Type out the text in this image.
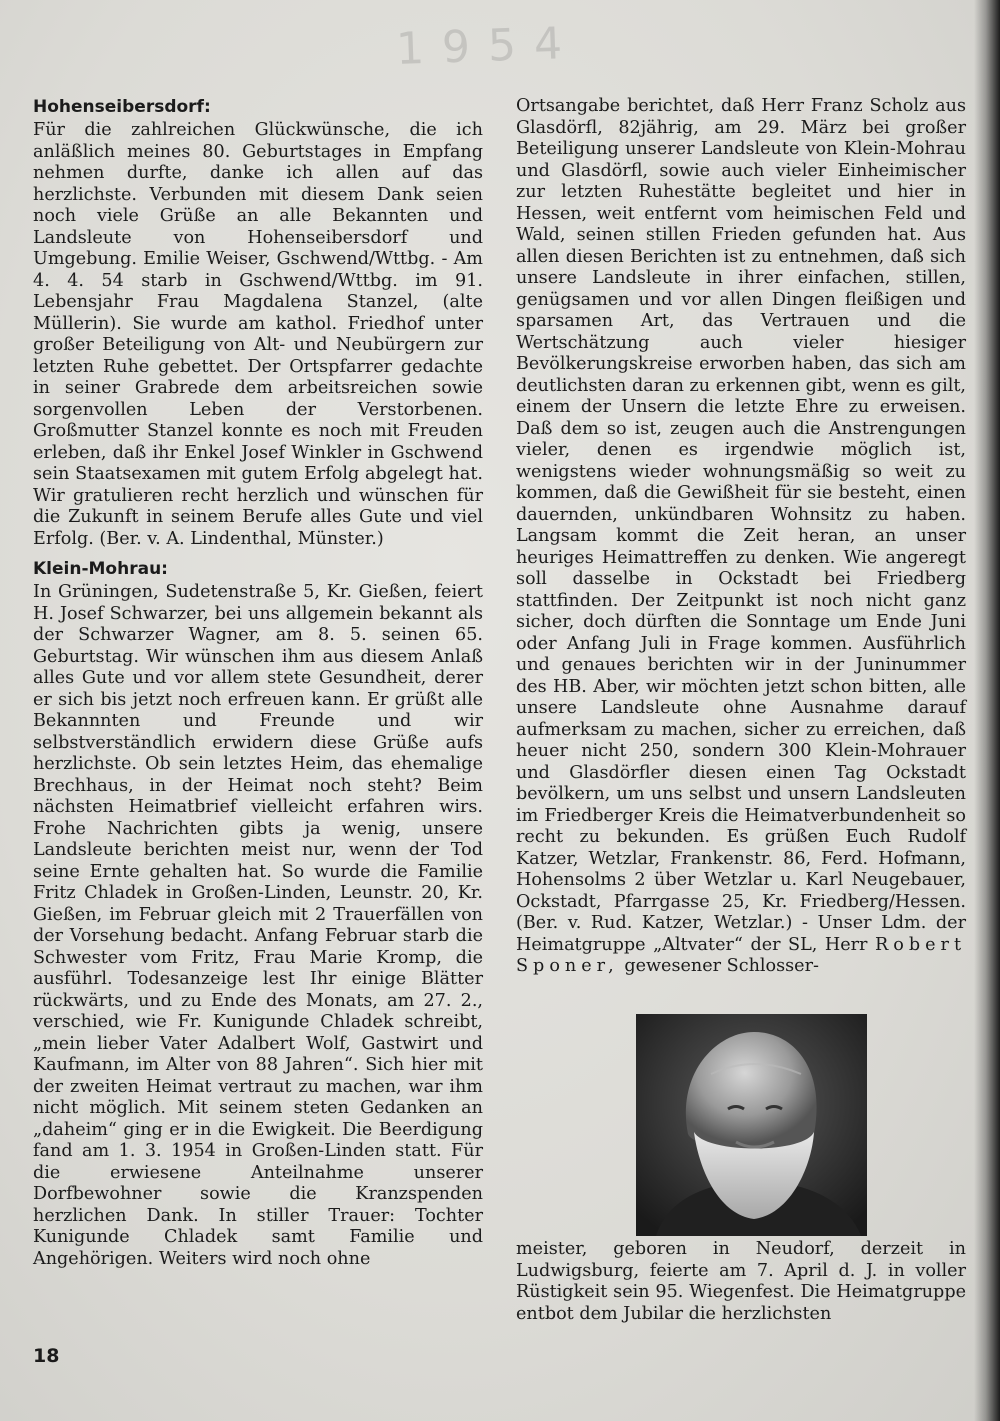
1954
Hohenseibersdorf:

Für die zahlreichen Glückwünsche, die ich anläßlich meines 80. Geburtstages in Empfang nehmen durfte, danke ich allen auf das herzlichste. Verbunden mit diesem Dank seien noch viele Grüße an alle Bekannten und Landsleute von Hohenseibersdorf und Umgebung. Emilie Weiser, Gschwend/Wttbg. - Am 4. 4. 54 starb in Gschwend/Wttbg. im 91. Lebensjahr Frau Magdalena Stanzel, (alte Müllerin). Sie wurde am kathol. Friedhof unter großer Beteiligung von Alt- und Neubürgern zur letzten Ruhe gebettet. Der Ortspfarrer gedachte in seiner Grabrede dem arbeitsreichen sowie sorgenvollen Leben der Verstorbenen. Großmutter Stanzel konnte es noch mit Freuden erleben, daß ihr Enkel Josef Winkler in Gschwend sein Staatsexamen mit gutem Erfolg abgelegt hat. Wir gratulieren recht herzlich und wünschen für die Zukunft in seinem Berufe alles Gute und viel Erfolg. (Ber. v. A. Lindenthal, Münster.)

Klein-Mohrau:

In Grüningen, Sudetenstraße 5, Kr. Gießen, feiert H. Josef Schwarzer, bei uns allgemein bekannt als der Schwarzer Wagner, am 8. 5. seinen 65. Geburtstag. Wir wünschen ihm aus diesem Anlaß alles Gute und vor allem stete Gesundheit, derer er sich bis jetzt noch erfreuen kann. Er grüßt alle Bekannnten und Freunde und wir selbstverständlich erwidern diese Grüße aufs herzlichste. Ob sein letztes Heim, das ehemalige Brechhaus, in der Heimat noch steht? Beim nächsten Heimatbrief vielleicht erfahren wirs. Frohe Nachrichten gibts ja wenig, unsere Landsleute berichten meist nur, wenn der Tod seine Ernte gehalten hat. So wurde die Familie Fritz Chladek in Großen-Linden, Leunstr. 20, Kr. Gießen, im Februar gleich mit 2 Trauerfällen von der Vorsehung bedacht. Anfang Februar starb die Schwester vom Fritz, Frau Marie Kromp, die ausführl. Todesanzeige lest Ihr einige Blätter rückwärts, und zu Ende des Monats, am 27. 2., verschied, wie Fr. Kunigunde Chladek schreibt, „mein lieber Vater Adalbert Wolf, Gastwirt und Kaufmann, im Alter von 88 Jahren“. Sich hier mit der zweiten Heimat vertraut zu machen, war ihm nicht möglich. Mit seinem steten Gedanken an „daheim“ ging er in die Ewigkeit. Die Beerdigung fand am 1. 3. 1954 in Großen-Linden statt. Für die erwiesene Anteilnahme unserer Dorfbewohner sowie die Kranzspenden herzlichen Dank. In stiller Trauer: Tochter Kunigunde Chladek samt Familie und Angehörigen. Weiters wird noch ohne

Ortsangabe berichtet, daß Herr Franz Scholz aus Glasdörfl, 82jährig, am 29. März bei großer Beteiligung unserer Landsleute von Klein-Mohrau und Glasdörfl, sowie auch vieler Einheimischer zur letzten Ruhestätte begleitet und hier in Hessen, weit entfernt vom heimischen Feld und Wald, seinen stillen Frieden gefunden hat. Aus allen diesen Berichten ist zu entnehmen, daß sich unsere Landsleute in ihrer einfachen, stillen, genügsamen und vor allen Dingen fleißigen und sparsamen Art, das Vertrauen und die Wertschätzung auch vieler hiesiger Bevölkerungskreise erworben haben, das sich am deutlichsten daran zu erkennen gibt, wenn es gilt, einem der Unsern die letzte Ehre zu erweisen. Daß dem so ist, zeugen auch die Anstrengungen vieler, denen es irgendwie möglich ist, wenigstens wieder wohnungsmäßig so weit zu kommen, daß die Gewißheit für sie besteht, einen dauernden, unkündbaren Wohnsitz zu haben. Langsam kommt die Zeit heran, an unser heuriges Heimattreffen zu denken. Wie angeregt soll dasselbe in Ockstadt bei Friedberg stattfinden. Der Zeitpunkt ist noch nicht ganz sicher, doch dürften die Sonntage um Ende Juni oder Anfang Juli in Frage kommen. Ausführlich und genaues berichten wir in der Juninummer des HB. Aber, wir möchten jetzt schon bitten, alle unsere Landsleute ohne Ausnahme darauf aufmerksam zu machen, sicher zu erreichen, daß heuer nicht 250, sondern 300 Klein-Mohrauer und Glasdörfler diesen einen Tag Ockstadt bevölkern, um uns selbst und unsern Landsleuten im Friedberger Kreis die Heimatverbundenheit so recht zu bekunden. Es grüßen Euch Rudolf Katzer, Wetzlar, Frankenstr. 86, Ferd. Hofmann, Hohensolms 2 über Wetzlar u. Karl Neugebauer, Ockstadt, Pfarrgasse 25, Kr. Friedberg/Hessen. (Ber. v. Rud. Katzer, Wetzlar.) - Unser Ldm. der Heimatgruppe „Altvater“ der SL, Herr Robert Sponer, gewesener Schlosser-

meister, geboren in Neudorf, derzeit in Ludwigsburg, feierte am 7. April d. J. in voller Rüstigkeit sein 95. Wiegenfest. Die Heimatgruppe entbot dem Jubilar die herzlichsten
18
